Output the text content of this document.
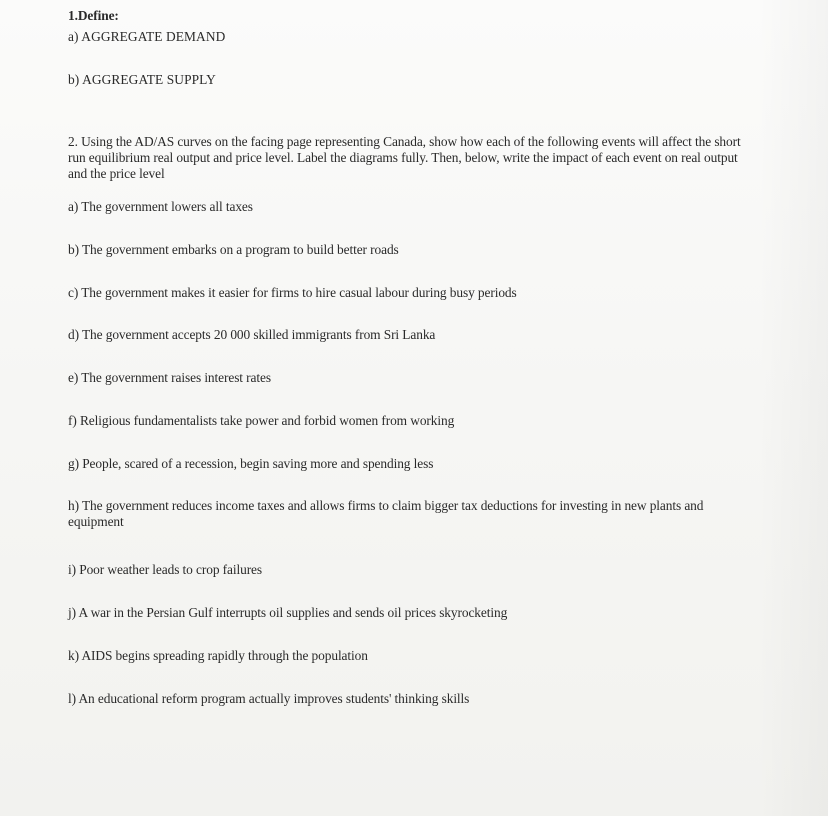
1.Define:
a) AGGREGATE DEMAND
b) AGGREGATE SUPPLY
2. Using the AD/AS curves on the facing page representing Canada, show how each of the following events will affect the short run equilibrium real output and price level. Label the diagrams fully. Then, below, write the impact of each event on real output and the price level
a) The government lowers all taxes
b) The government embarks on a program to build better roads
c) The government makes it easier for firms to hire casual labour during busy periods
d) The government accepts 20 000 skilled immigrants from Sri Lanka
e) The government raises interest rates
f) Religious fundamentalists take power and forbid women from working
g) People, scared of a recession, begin saving more and spending less
h) The government reduces income taxes and allows firms to claim bigger tax deductions for investing in new plants and equipment
i) Poor weather leads to crop failures
j) A war in the Persian Gulf interrupts oil supplies and sends oil prices skyrocketing
k) AIDS begins spreading rapidly through the population
l) An educational reform program actually improves students' thinking skills
